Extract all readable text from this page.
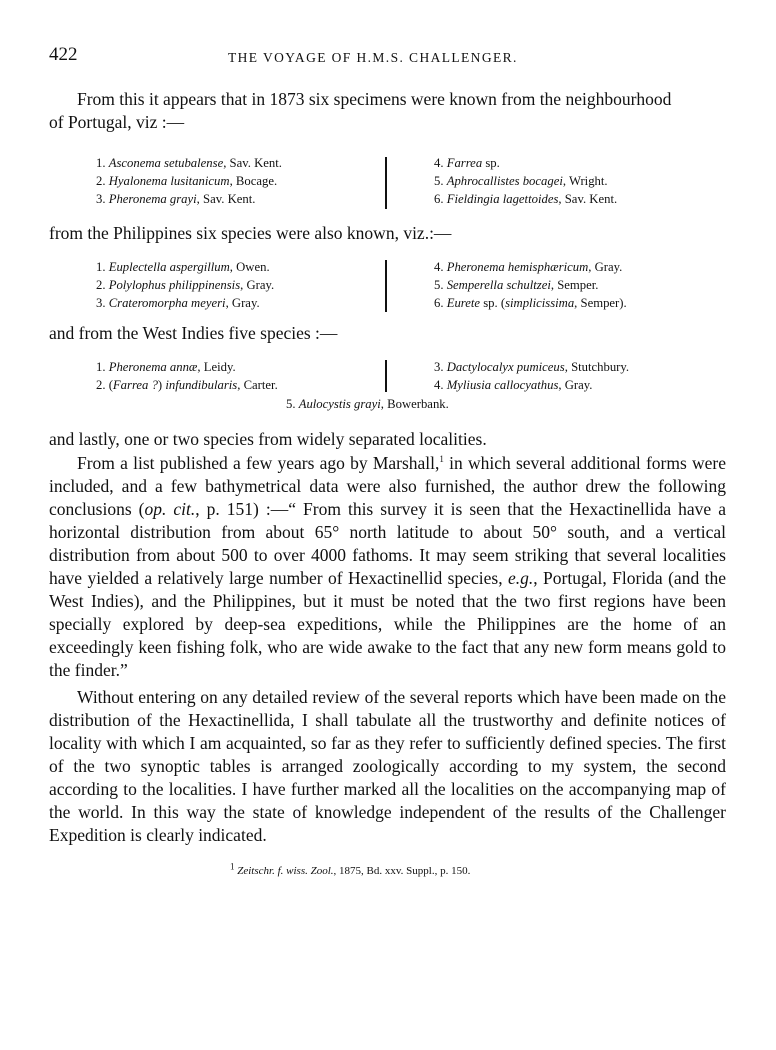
422	THE VOYAGE OF H.M.S. CHALLENGER.

From this it appears that in 1873 six specimens were known from the neighbourhood

of Portugal, viz :—

1. Asconema setubalense, Sav. Kent.
2. Hyalonema lusitanicum, Bocage.
3. Pheronema grayi, Sav. Kent.
4. Farrea sp.
5. Aphrocallistes bocagei, Wright.
6. Fieldingia lagettoides, Sav. Kent.
from the Philippines six species were also known, viz.:—
1. Euplectella aspergillum, Owen.
2. Polylophus philippinensis, Gray.
3. Crateromorpha meyeri, Gray.
4. Pheronema hemisphæricum, Gray.
5. Semperella schultzei, Semper.
6. Eurete sp. (simplicissima, Semper).
and from the West Indies five species :—
1. Pheronema annæ, Leidy.
2. (Farrea ?) infundibularis, Carter.
3. Dactylocalyx pumiceus, Stutchbury.
4. Myliusia callocyathus, Gray.
5. Aulocystis grayi, Bowerbank.
and lastly, one or two species from widely separated localities.

From a list published a few years ago by Marshall,$^1$ in which several additional forms were included, and a few bathymetrical data were also furnished, the author drew the following conclusions (op. cit., p. 151) :—“ From this survey it is seen that the Hexactinellida have a horizontal distribution from about 65° north latitude to about 50° south, and a vertical distribution from about 500 to over 4000 fathoms. It may seem striking that several localities have yielded a relatively large number of Hexactinellid species, e.g., Portugal, Florida (and the West Indies), and the Philippines, but it must be noted that the two first regions have been specially explored by deep-sea expeditions, while the Philippines are the home of an exceedingly keen fishing folk, who are wide awake to the fact that any new form means gold to the finder.”

Without entering on any detailed review of the several reports which have been made on the distribution of the Hexactinellida, I shall tabulate all the trustworthy and definite notices of locality with which I am acquainted, so far as they refer to sufficiently defined species. The first of the two synoptic tables is arranged zoologically according to my system, the second according to the localities. I have further marked all the localities on the accompanying map of the world. In this way the state of knowledge independent of the results of the Challenger Expedition is clearly indicated.

$^1$ Zeitschr. f. wiss. Zool., 1875, Bd. xxv. Suppl., p. 150.
